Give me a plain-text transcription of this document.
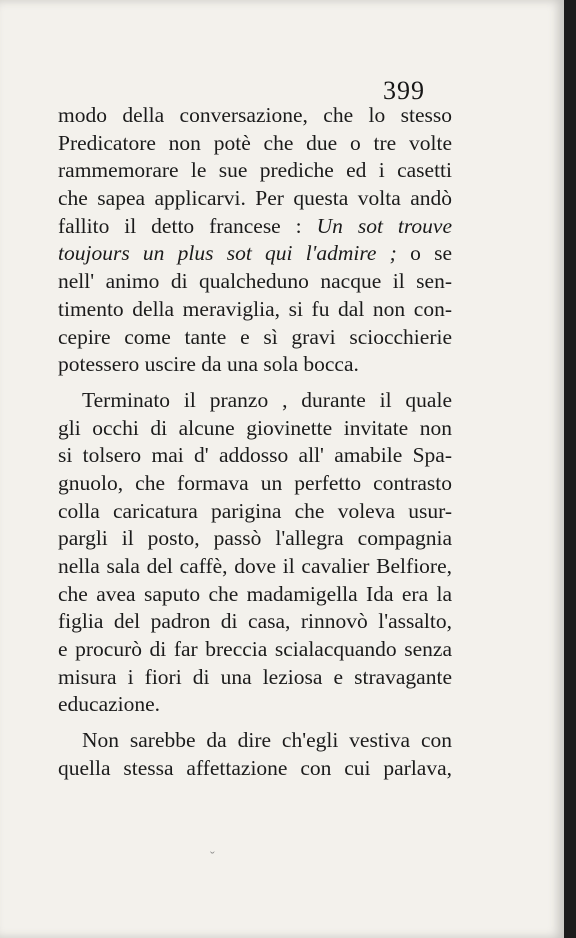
399
modo della conversazione, che lo stesso
Predicatore non potè che due o tre volte
rammemorare le sue prediche ed i casetti
che sapea applicarvi. Per questa volta andò
fallito il detto francese : Un sot trouve
toujours un plus sot qui l'admire ; o se
nell' animo di qualcheduno nacque il sen-
timento della meraviglia, si fu dal non con-
cepire come tante e sì gravi sciocchierie
potessero uscire da una sola bocca.
Terminato il pranzo , durante il quale
gli occhi di alcune giovinette invitate non
si tolsero mai d' addosso all' amabile Spa-
gnuolo, che formava un perfetto contrasto
colla caricatura parigina che voleva usur-
pargli il posto, passò l'allegra compagnia
nella sala del caffè, dove il cavalier Belfiore,
che avea saputo che madamigella Ida era la
figlia del padron di casa, rinnovò l'assalto,
e procurò di far breccia scialacquando senza
misura i fiori di una leziosa e stravagante
educazione.
Non sarebbe da dire ch'egli vestiva con
quella stessa affettazione con cui parlava,
ˇ
